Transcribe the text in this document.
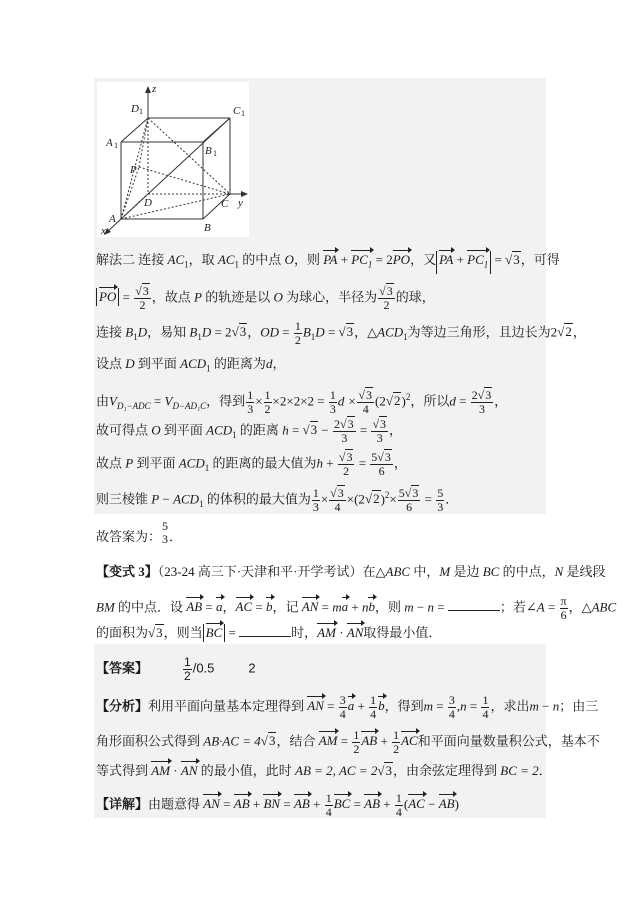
z
y
x
D	C
A
B
P
D	C
A
B
1	1
1
1
解法二 连接 $AC_1$，取 $AC_1$ 的中点 O，则 PA + $PC_1 = 2PO$，又 PA + $PC_1 = √3$，可得
PO = $\frac{√3}{2}$ ，故点 P 的轨迹是以 O 为球心，半径为 $\frac{√3}{2}$ 的球，
连接 $B_1D$，易知 $B_1D = 2√3$，OD = $\frac{1}{2} B_1D = √3$，$\triangle ACD_1$为等边三角形，且边长为2√2，
设点 D 到平面 $ACD_1$ 的距离为d，
由$V_{D_1-ADC} = V_{D-AD_1C}$，得到 $\frac{1}{3} \times \frac{1}{2} \times 2\times 2\times 2 = \frac{1}{3}$ $d \times \frac{√3}{4} (2√2)^2$，所以$d = \frac{2√3}{3}$ ，
故可得点 O 到平面 $ACD_1$ 的距离 $h = √3 - \frac{2√3}{3} = \frac{√3}{3}$ ，
故点 P 到平面 $ACD_1$ 的距离的最大值为$h + \frac{√3}{2} = \frac{5√3}{6}$ ，
则三棱锥 $P - ACD_1$ 的体积的最大值为 $\frac{1}{3} \times \frac{√3}{4} \times(2√2)^2\times \frac{5√3}{6} = \frac{5}{3}$ ．
故答案为：
5
3 ．
【变式 3】（23-24 高三下·天津和平·开学考试）在△ABC 中，M 是边 BC 的中点，N 是线段
BM 的中点．设 AB = a，AC = b，记 AN = ma + nb，则 m − n =	；若∠A = $\frac{\pi}{6}$ ，△ABC
的面积为√3，则当 BC =	时，AM · AN取得最小值．
【答案】	$\frac{1}{2} /0.5$	2
【分析】利用平面向量基本定理得到 AN = $\frac{3}{4}$ $a + \frac{1}{4}$ b，得到$m = \frac{3}{4} ,n = \frac{1}{4}$ ，求出m − n；由三
角形面积公式得到 AB·AC = 4√3，结合 AM = $\frac{1}{2}$ AB + $\frac{1}{2}$ AC和平面向量数量积公式，基本不
等式得到 AM · AN 的最小值，此时 AB = 2, AC = 2√3，由余弦定理得到 BC = 2．
【详解】由题意得 AN = AB + BN = AB + $\frac{1}{4}$ BC = AB + $\frac{1}{4} (AC - AB)$
